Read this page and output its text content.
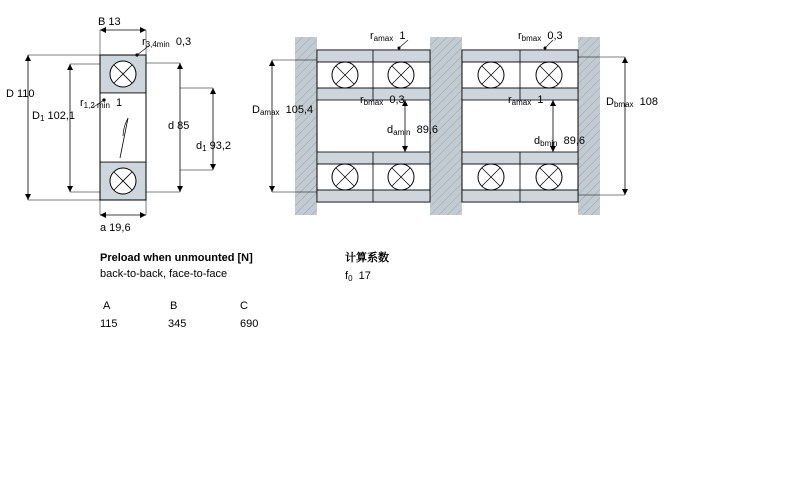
B 13
$r_{3,4min}$ 0,3
D 110
$r_{1,2 min}$ 1
$D_1$ 102,1
d 85
$d_1$ 93,2
a 19,6
$r_{amax}$ 1	$r_{bmax}$ 0,3
$D_{amax}$ 105,4
$r_{bmax}$ 0,3	$r_{amax}$ 1	$D_{bmax}$ 108
$d_{amin}$ 89,6
$d_{bmin}$ 89,6
Preload when unmounted [N]
back-to-back, face-to-face
A	B	C
115	345	690
计算系数
$f_0$ 17
